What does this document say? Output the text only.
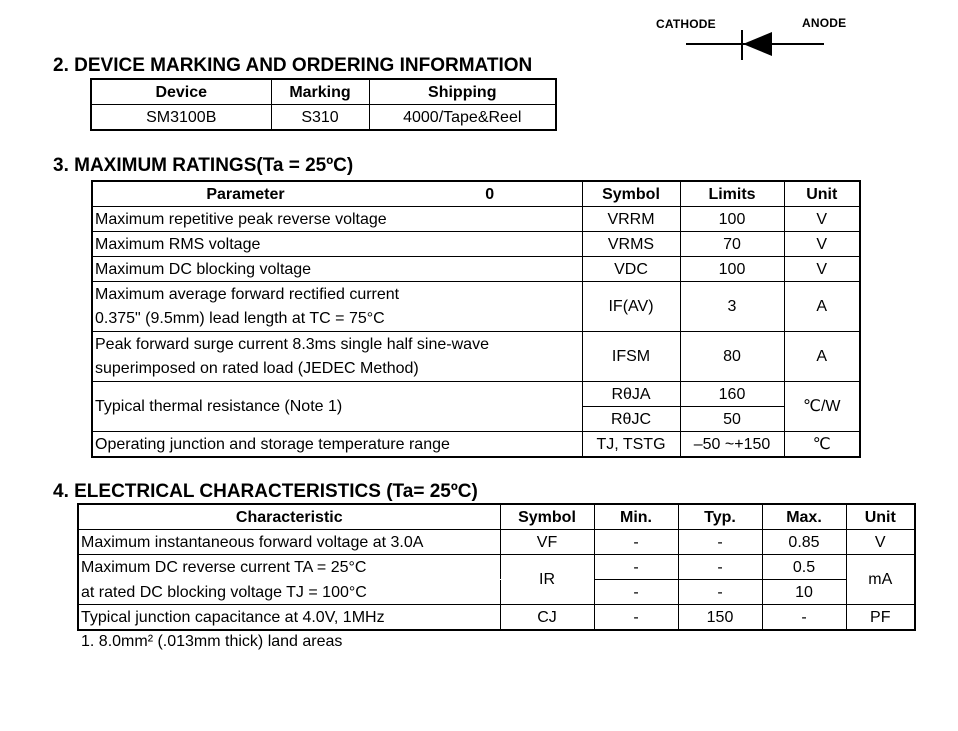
CATHODE	ANODE
2. DEVICE MARKING AND ORDERING INFORMATION
Device	Marking	Shipping
SM3100B	S310	4000/Tape&Reel
3. MAXIMUM RATINGS(Ta = 25ºC)
Parameter	0	Symbol	Limits	Unit
Maximum repetitive peak reverse voltage		VRRM	100	V
Maximum RMS voltage		VRMS	70	V
Maximum DC blocking voltage		VDC	100	V

Maximum average forward rectified current
0.375" (9.5mm) lead length at TC = 75°C		IF(AV)	3	A

Peak forward surge current 8.3ms single half sine-wave
superimposed on rated load (JEDEC Method)		IFSM	80	A
Typical thermal resistance (Note 1)		RθJA	160	℃/W
		RθJC	50	
Operating junction and storage temperature range		TJ, TSTG	–50 ~+150	℃
4. ELECTRICAL CHARACTERISTICS (Ta= 25ºC)
Characteristic	Symbol	Min.	Typ.	Max.	Unit
Maximum instantaneous forward voltage at 3.0A	VF	-	-	0.85	V
Maximum DC reverse current TA = 25°C	IR	-	-	0.5	mA
at rated DC blocking voltage TJ = 100°C		-	-	10	
Typical junction capacitance at 4.0V, 1MHz	CJ	-	150	-	PF
1. 8.0mm² (.013mm thick) land areas
